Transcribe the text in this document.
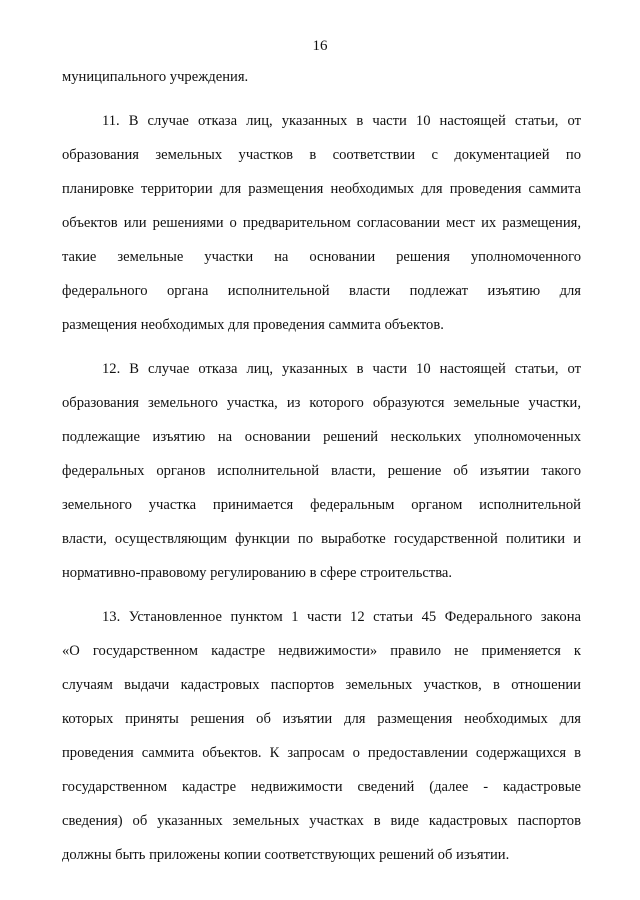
16
муниципального учреждения.
11. В случае отказа лиц, указанных в части 10 настоящей статьи, от
образования земельных участков в соответствии с документацией по
планировке территории для размещения необходимых для проведения саммита
объектов или решениями о предварительном согласовании мест их размещения,
такие земельные участки на основании решения уполномоченного
федерального органа исполнительной власти подлежат изъятию для
размещения необходимых для проведения саммита объектов.
12. В случае отказа лиц, указанных в части 10 настоящей статьи, от
образования земельного участка, из которого образуются земельные участки,
подлежащие изъятию на основании решений нескольких уполномоченных
федеральных органов исполнительной власти, решение об изъятии такого
земельного участка принимается федеральным органом исполнительной
власти, осуществляющим функции по выработке государственной политики и
нормативно-правовому регулированию в сфере строительства.
13. Установленное пунктом 1 части 12 статьи 45 Федерального закона
«О государственном кадастре недвижимости» правило не применяется к
случаям выдачи кадастровых паспортов земельных участков, в отношении
которых приняты решения об изъятии для размещения необходимых для
проведения саммита объектов. К запросам о предоставлении содержащихся в
государственном кадастре недвижимости сведений (далее - кадастровые
сведения) об указанных земельных участках в виде кадастровых паспортов
должны быть приложены копии соответствующих решений об изъятии.
